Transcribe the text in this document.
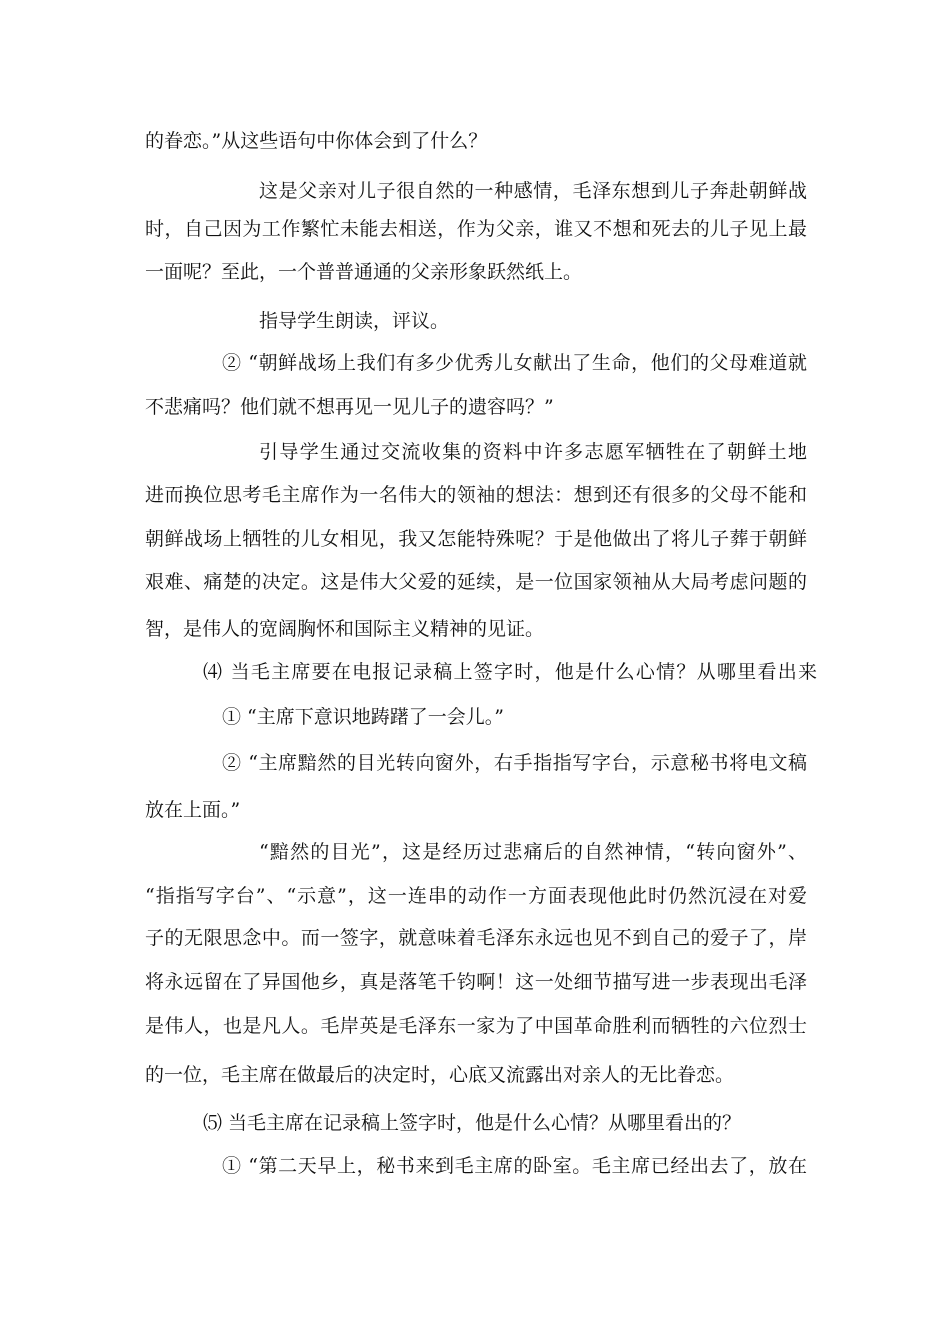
的眷恋。”从这些语句中你体会到了什么？
这是父亲对儿子很自然的一种感情，毛泽东想到儿子奔赴朝鲜战
时，自己因为工作繁忙未能去相送，作为父亲，谁又不想和死去的儿子见上最
一面呢？至此，一个普普通通的父亲形象跃然纸上。
指导学生朗读，评议。
② “朝鲜战场上我们有多少优秀儿女献出了生命，他们的父母难道就
不悲痛吗？他们就不想再见一见儿子的遗容吗？”
引导学生通过交流收集的资料中许多志愿军牺牲在了朝鲜土地
进而换位思考毛主席作为一名伟大的领袖的想法：想到还有很多的父母不能和
朝鲜战场上牺牲的儿女相见，我又怎能特殊呢？于是他做出了将儿子葬于朝鲜
艰难、痛楚的决定。这是伟大父爱的延续，是一位国家领袖从大局考虑问题的
智，是伟人的宽阔胸怀和国际主义精神的见证。
⑷ 当毛主席要在电报记录稿上签字时，他是什么心情？从哪里看出来
① “主席下意识地踌躇了一会儿。”
② “主席黯然的目光转向窗外，右手指指写字台，示意秘书将电文稿
放在上面。”
“黯然的目光”，这是经历过悲痛后的自然神情，“转向窗外”、
“指指写字台”、“示意”，这一连串的动作一方面表现他此时仍然沉浸在对爱
子的无限思念中。而一签字，就意味着毛泽东永远也见不到自己的爱子了，岸
将永远留在了异国他乡，真是落笔千钧啊！这一处细节描写进一步表现出毛泽
是伟人，也是凡人。毛岸英是毛泽东一家为了中国革命胜利而牺牲的六位烈士
的一位，毛主席在做最后的决定时，心底又流露出对亲人的无比眷恋。
⑸ 当毛主席在记录稿上签字时，他是什么心情？从哪里看出的？
① “第二天早上，秘书来到毛主席的卧室。毛主席已经出去了，放在
